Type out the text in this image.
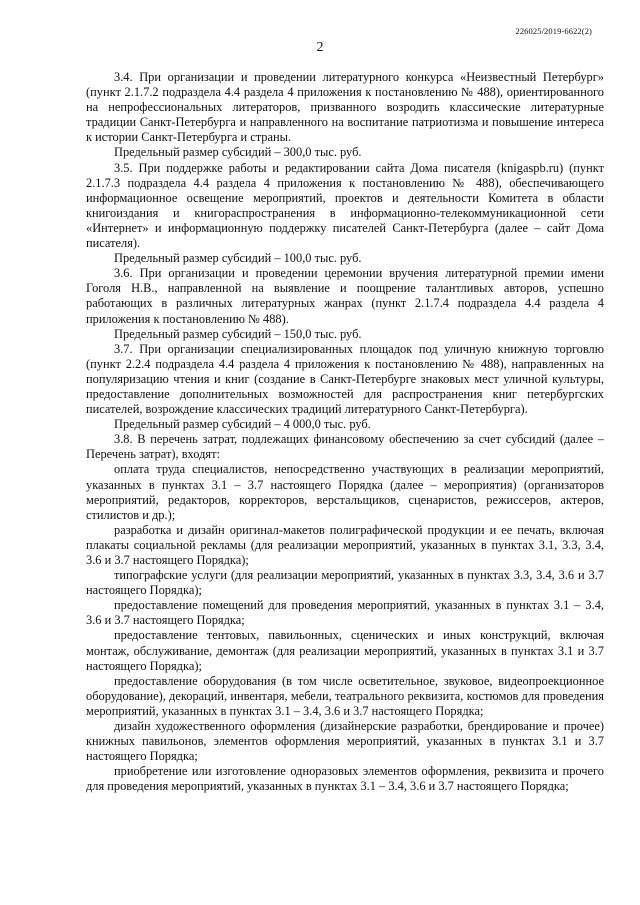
226025/2019-6622(2)
2

3.4. При организации и проведении литературного конкурса «Неизвестный Петербург» (пункт 2.1.7.2 подраздела 4.4 раздела 4 приложения к постановлению № 488), ориентированного на непрофессиональных литераторов, призванного возродить классические литературные традиции Санкт-Петербурга и направленного на воспитание патриотизма и повышение интереса к истории Санкт-Петербурга и страны.

Предельный размер субсидий – 300,0 тыс. руб.

3.5. При поддержке работы и редактировании сайта Дома писателя (knigaspb.ru) (пункт 2.1.7.3 подраздела 4.4 раздела 4 приложения к постановлению № 488), обеспечивающего информационное освещение мероприятий, проектов и деятельности Комитета в области книгоиздания и книгораспространения в информационно-телекоммуникационной сети «Интернет» и информационную поддержку писателей Санкт-Петербурга (далее – сайт Дома писателя).

Предельный размер субсидий – 100,0 тыс. руб.

3.6. При организации и проведении церемонии вручения литературной премии имени Гоголя Н.В., направленной на выявление и поощрение талантливых авторов, успешно работающих в различных литературных жанрах (пункт 2.1.7.4 подраздела 4.4 раздела 4 приложения к постановлению № 488).

Предельный размер субсидий – 150,0 тыс. руб.

3.7. При организации специализированных площадок под уличную книжную торговлю (пункт 2.2.4 подраздела 4.4 раздела 4 приложения к постановлению № 488), направленных на популяризацию чтения и книг (создание в Санкт-Петербурге знаковых мест уличной культуры, предоставление дополнительных возможностей для распространения книг петербургских писателей, возрождение классических традиций литературного Санкт-Петербурга).

Предельный размер субсидий – 4 000,0 тыс. руб.

3.8. В перечень затрат, подлежащих финансовому обеспечению за счет субсидий (далее – Перечень затрат), входят:

оплата труда специалистов, непосредственно участвующих в реализации мероприятий, указанных в пунктах 3.1 – 3.7 настоящего Порядка (далее – мероприятия) (организаторов мероприятий, редакторов, корректоров, верстальщиков, сценаристов, режиссеров, актеров, стилистов и др.);

разработка и дизайн оригинал-макетов полиграфической продукции и ее печать, включая плакаты социальной рекламы (для реализации мероприятий, указанных в пунктах 3.1, 3.3, 3.4, 3.6 и 3.7 настоящего Порядка);

типографские услуги (для реализации мероприятий, указанных в пунктах 3.3, 3.4, 3.6 и 3.7 настоящего Порядка);

предоставление помещений для проведения мероприятий, указанных в пунктах 3.1 – 3.4, 3.6 и 3.7 настоящего Порядка;

предоставление тентовых, павильонных, сценических и иных конструкций, включая монтаж, обслуживание, демонтаж (для реализации мероприятий, указанных в пунктах 3.1 и 3.7 настоящего Порядка);

предоставление оборудования (в том числе осветительное, звуковое, видеопроекционное оборудование), декораций, инвентаря, мебели, театрального реквизита, костюмов для проведения мероприятий, указанных в пунктах 3.1 – 3.4, 3.6 и 3.7 настоящего Порядка;

дизайн художественного оформления (дизайнерские разработки, брендирование и прочее) книжных павильонов, элементов оформления мероприятий, указанных в пунктах 3.1 и 3.7 настоящего Порядка;

приобретение или изготовление одноразовых элементов оформления, реквизита и прочего для проведения мероприятий, указанных в пунктах 3.1 – 3.4, 3.6 и 3.7 настоящего Порядка;
